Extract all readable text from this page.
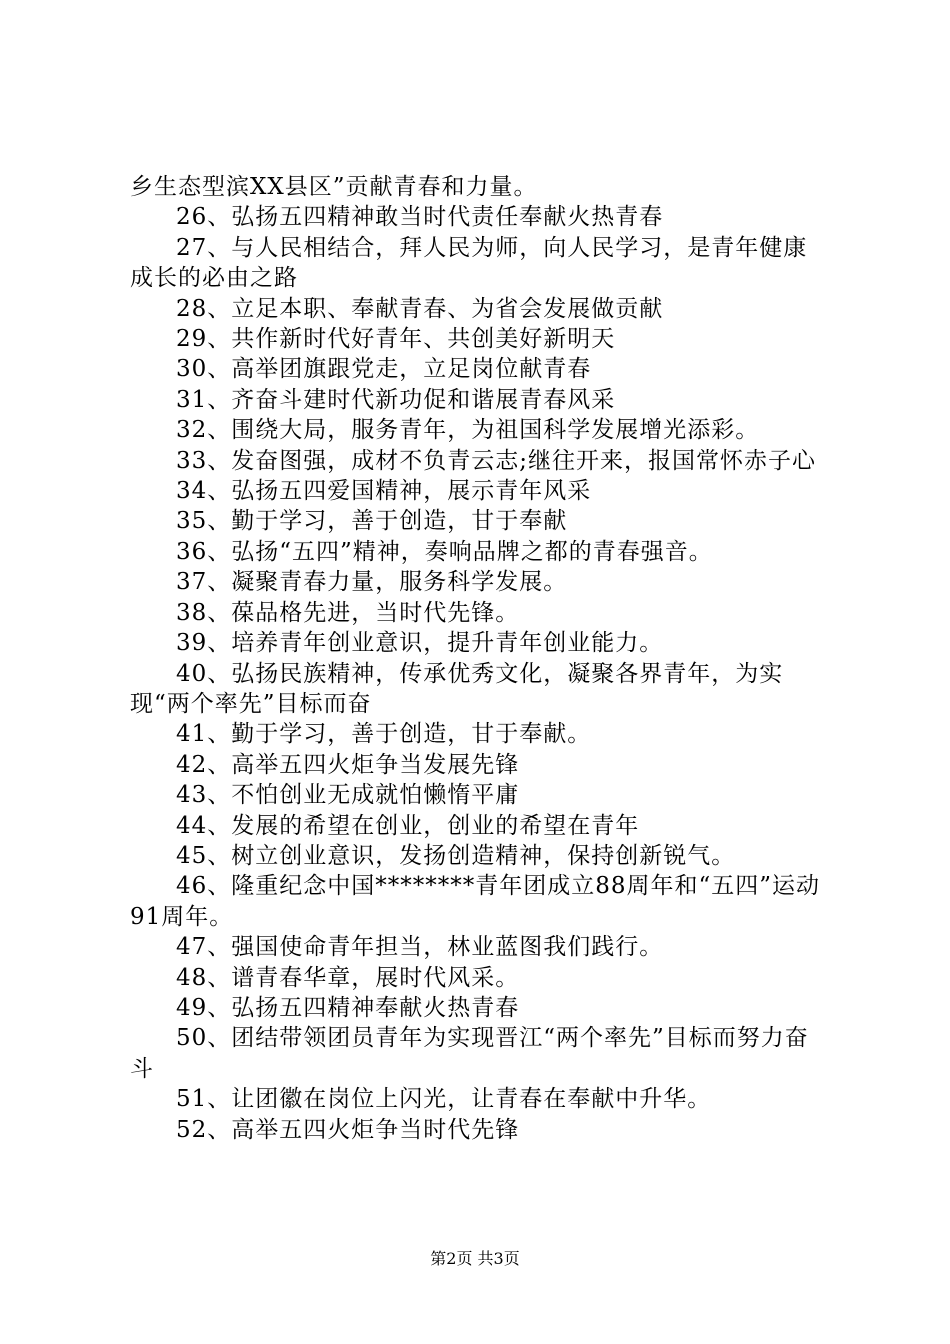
乡生态型滨XX县区”贡献青春和力量。

26、弘扬五四精神敢当时代责任奉献火热青春

27、与人民相结合，拜人民为师，向人民学习，是青年健康成长的必由之路

28、立足本职、奉献青春、为省会发展做贡献

29、共作新时代好青年、共创美好新明天

30、高举团旗跟党走，立足岗位献青春

31、齐奋斗建时代新功促和谐展青春风采

32、围绕大局，服务青年，为祖国科学发展增光添彩。

33、发奋图强，成材不负青云志;继往开来，报国常怀赤子心

34、弘扬五四爱国精神，展示青年风采

35、勤于学习，善于创造，甘于奉献

36、弘扬“五四”精神，奏响品牌之都的青春强音。

37、凝聚青春力量，服务科学发展。

38、葆品格先进，当时代先锋。

39、培养青年创业意识，提升青年创业能力。

40、弘扬民族精神，传承优秀文化，凝聚各界青年，为实现“两个率先”目标而奋

41、勤于学习，善于创造，甘于奉献。

42、高举五四火炬争当发展先锋

43、不怕创业无成就怕懒惰平庸

44、发展的希望在创业，创业的希望在青年

45、树立创业意识，发扬创造精神，保持创新锐气。

46、隆重纪念中国********青年团成立88周年和“五四”运动91周年。

47、强国使命青年担当，林业蓝图我们践行。

48、谱青春华章，展时代风采。

49、弘扬五四精神奉献火热青春

50、团结带领团员青年为实现晋江“两个率先”目标而努力奋斗

51、让团徽在岗位上闪光，让青春在奉献中升华。

52、高举五四火炬争当时代先锋

第2页 共3页
